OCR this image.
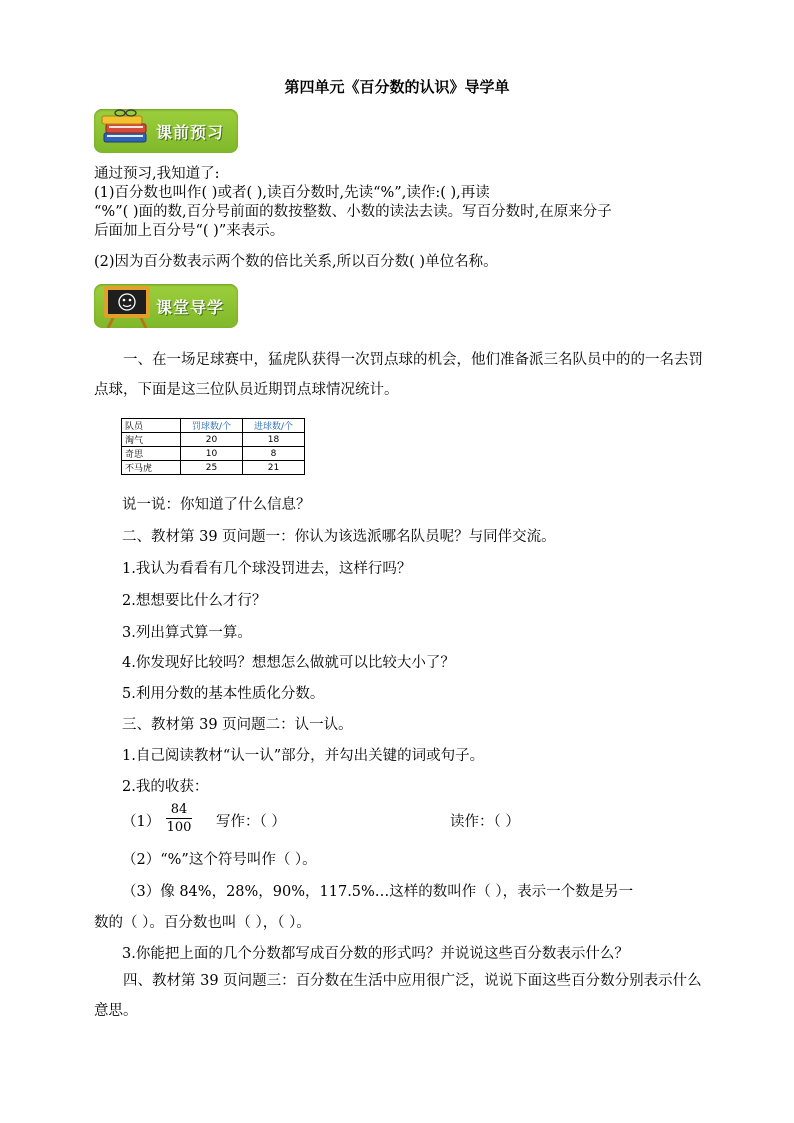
第四单元《百分数的认识》导学单
课前预习
通过预习,我知道了:
(1)百分数也叫作( )或者( ),读百分数时,先读“%”,读作:( ),再读
“%”( )面的数,百分号前面的数按整数、小数的读法去读。写百分数时,在原来分子
后面加上百分号“( )”来表示。
(2)因为百分数表示两个数的倍比关系,所以百分数( )单位名称。
课堂导学
一、在一场足球赛中，猛虎队获得一次罚点球的机会，他们准备派三名队员中的的一名去罚点球，下面是这三位队员近期罚点球情况统计。
队员	罚球数/个	进球数/个
淘气	20	18
奇思	10	8
不马虎	25	21
说一说：你知道了什么信息？
二、教材第 39 页问题一：你认为该选派哪名队员呢？与同伴交流。
1.我认为看看有几个球没罚进去，这样行吗？
2.想想要比什么才行？
3.列出算式算一算。
4.你发现好比较吗？想想怎么做就可以比较大小了？
5.利用分数的基本性质化分数。
三、教材第 39 页问题二：认一认。
1.自己阅读教材“认一认”部分，并勾出关键的词或句子。
2.我的收获：
$(1) \frac{84}{100}$ 写作：（ ）	读作：（ ）
（2）“%”这个符号叫作（ ）。
（3）像 84%，28%，90%，117.5%…这样的数叫作（ ），表示一个数是另一
数的（ ）。百分数也叫（ ），（ ）。
3.你能把上面的几个分数都写成百分数的形式吗？并说说这些百分数表示什么？
四、教材第 39 页问题三：百分数在生活中应用很广泛，说说下面这些百分数分别表示什么意思。
